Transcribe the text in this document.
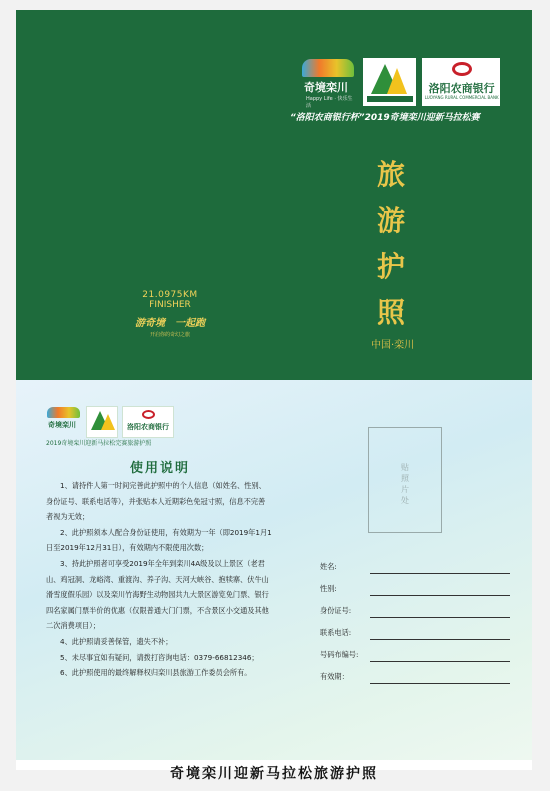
奇境栾川
Happy Life · 快乐生活
洛阳农商银行
LUOYANG RURAL COMMERCIAL BANK
“洛阳农商银行杯”2019奇境栾川迎新马拉松赛
旅
游
护
照
中国·栾川
21.0975KM
FINISHER
游奇境　一起跑
开启你的奇幻之旅
奇境栾川	洛阳农商银行
2019奇境栾川迎新马拉松完赛旅游护照
使用说明

1、请持件人第一时间完善此护照中的个人信息（如姓名、性别、身份证号、联系电话等），并张贴本人近期彩色免冠寸照，信息不完善者视为无效；

2、此护照须本人配合身份证使用，有效期为一年（即2019年1月1日至2019年12月31日），有效期内不限使用次数；

3、持此护照者可享受2019年全年到栾川4A级及以上景区（老君山、鸡冠洞、龙峪湾、重渡沟、养子沟、天河大峡谷、抱犊寨、伏牛山滑雪度假乐园）以及栾川竹海野生动物园共九大景区游览免门票、银行四名家属门票半价的优惠（仅限普通大门门票，不含景区小交通及其他二次消费项目）；

4、此护照请妥善保管，遗失不补；

5、未尽事宜如有疑问，请拨打咨询电话：0379-66812346；

6、此护照使用的最终解释权归栾川县旅游工作委员会所有。

贴照片处
姓名:
性别:
身份证号:
联系电话:
号码布编号:
有效期：
奇境栾川迎新马拉松旅游护照
